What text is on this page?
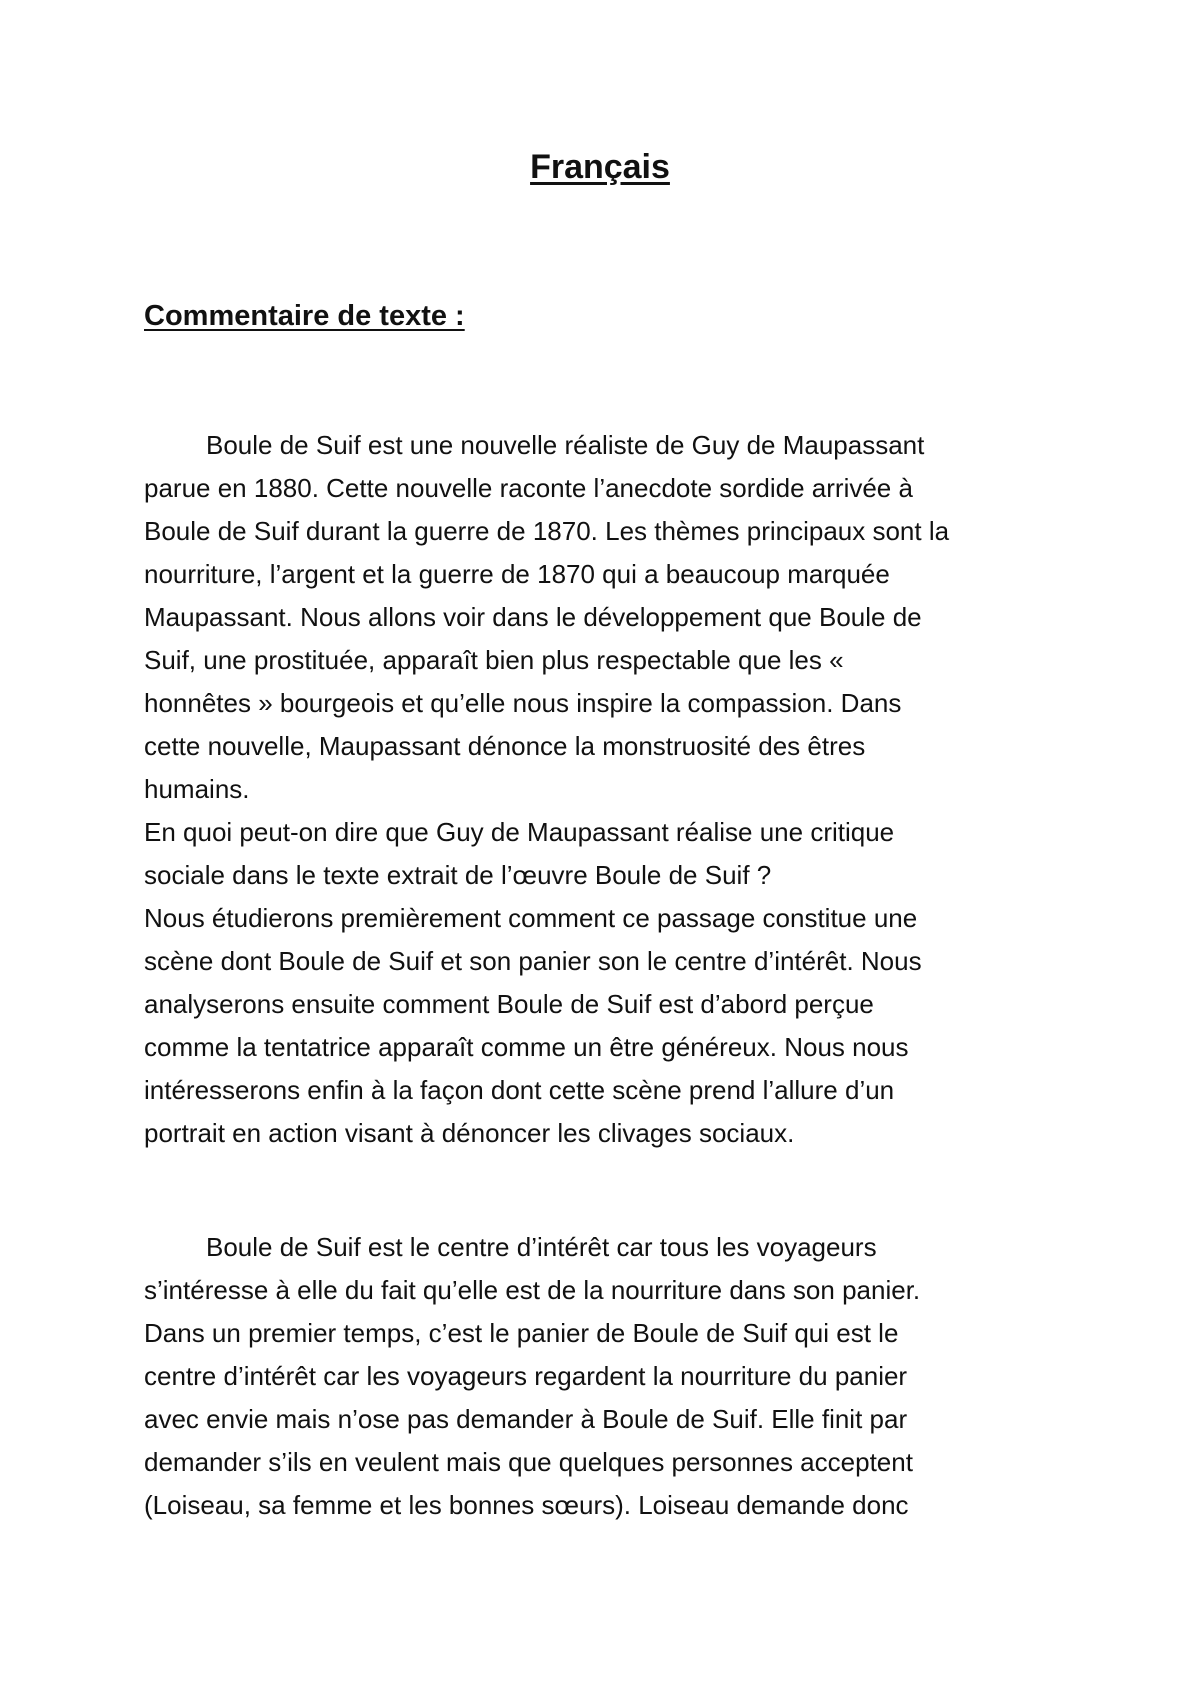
Français
Commentaire de texte :
Boule de Suif est une nouvelle réaliste de Guy de Maupassant
parue en 1880. Cette nouvelle raconte l’anecdote sordide arrivée à
Boule de Suif durant la guerre de 1870. Les thèmes principaux sont la
nourriture, l’argent et la guerre de 1870 qui a beaucoup marquée
Maupassant. Nous allons voir dans le développement que Boule de
Suif, une prostituée, apparaît bien plus respectable que les «
honnêtes » bourgeois et qu’elle nous inspire la compassion. Dans
cette nouvelle, Maupassant dénonce la monstruosité des êtres
humains.
En quoi peut-on dire que Guy de Maupassant réalise une critique
sociale dans le texte extrait de l’œuvre Boule de Suif ?
Nous étudierons premièrement comment ce passage constitue une
scène dont Boule de Suif et son panier son le centre d’intérêt. Nous
analyserons ensuite comment Boule de Suif est d’abord perçue
comme la tentatrice apparaît comme un être généreux. Nous nous
intéresserons enfin à la façon dont cette scène prend l’allure d’un
portrait en action visant à dénoncer les clivages sociaux.
Boule de Suif est le centre d’intérêt car tous les voyageurs
s’intéresse à elle du fait qu’elle est de la nourriture dans son panier.
Dans un premier temps, c’est le panier de Boule de Suif qui est le
centre d’intérêt car les voyageurs regardent la nourriture du panier
avec envie mais n’ose pas demander à Boule de Suif. Elle finit par
demander s’ils en veulent mais que quelques personnes acceptent
(Loiseau, sa femme et les bonnes sœurs). Loiseau demande donc
